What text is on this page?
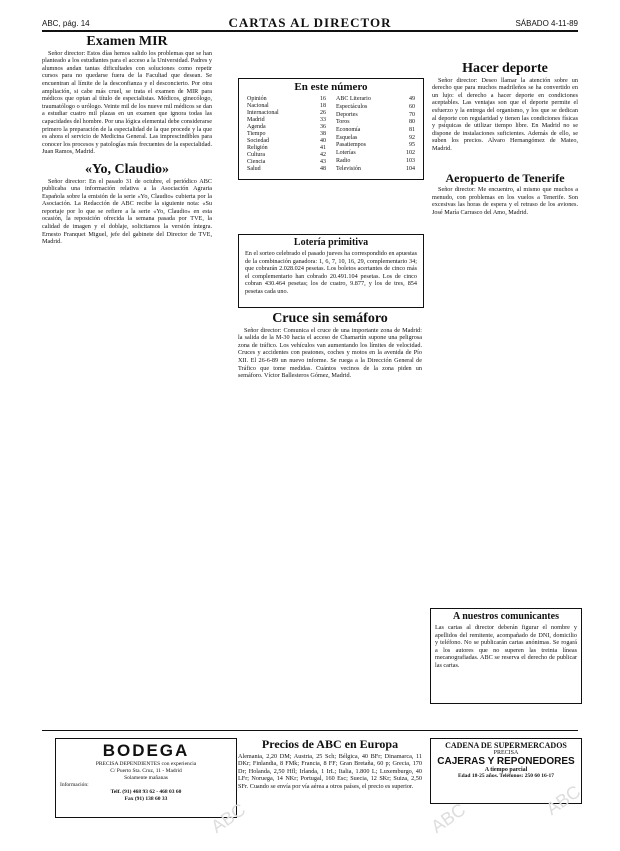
ABC, pág. 14	CARTAS AL DIRECTOR	SÁBADO 4-11-89
Examen MIR

Señor director: Estos días hemos salido los problemas que se han planteado a los estudiantes para el acceso a la Universidad. Padres y alumnos andan tantas dificultades con soluciones como repetir cursos para no quedarse fuera de la Facultad que desean. Se encuentran al límite de la desconfianza y el desconcierto. Por otra ampliación, si cabe más cruel, se trata el examen de MIR para médicos que optan al título de especialistas. Médicos, ginecólogo, traumatólogo o urólogo. Veinte mil de los nueve mil médicos se dan a estudiar cuatro mil plazas en un examen que ignora todas las capacidades del hombre. Por una lógica elemental debe considerarse primero la preparación de la especialidad de la que procede y la que es ahora el servicio de Medicina General. Las imprescindibles para conocer los procesos y patologías más frecuentes de la especialidad. Juan Ramos, Madrid.

«Yo, Claudio»

Señor director: En el pasado 31 de octubre, el periódico ABC publicaba una información relativa a la Asociación Agraria Española sobre la emisión de la serie «Yo, Claudio» cubierta por la Asociación. La Redacción de ABC recibe la siguiente nota: «Su reportaje por lo que se refiere a la serie «Yo, Claudio» en esta ocasión, la reposición ofrecida la semana pasada por TVE, la calidad de imagen y el doblaje, solicitamos la versión íntegra. Ernesto Franquet Miguel, jefe del gabinete del Director de TVE, Madrid.

En este número
Opinión	16
Nacional	18
Internacional	26
Madrid	33
Agenda	36
Tiempo	38
Sociedad	40
Religión	41
Cultura	42
Ciencia	43
Salud	48
ABC Literario	49
Espectáculos	60
Deportes	70
Toros	80
Economía	81
Esquelas	92
Pasatiempos	95
Loterías	102
Radio	103
Televisión	104
Lotería primitiva
En el sorteo celebrado el pasado jueves ha correspondido en apuestas de la combinación ganadora: 1, 6, 7, 10, 16, 29, complementario 34; que cobrarán 2.028.024 pesetas. Los boletos acertantes de cinco más el complementario han cobrado 20.491.104 pesetas. Los de cinco cobran 430.464 pesetas; los de cuatro, 9.877, y los de tres, 854 pesetas cada uno.
Cruce sin semáforo

Señor director: Comunica el cruce de una importante zona de Madrid: la salida de la M-30 hacia el acceso de Chamartín supone una peligrosa zona de tráfico. Los vehículos van aumentando los límites de velocidad. Cruces y accidentes con peatones, coches y motos en la avenida de Pío XII. El 26-6-89 un nuevo informe. Se ruega a la Dirección General de Tráfico que tome medidas. Cuántos vecinos de la zona piden un semáforo. Víctor Ballesteros Gómez, Madrid.

Hacer deporte

Señor director: Deseo llamar la atención sobre un derecho que para muchos madrileños se ha convertido en un lujo: el derecho a hacer deporte en condiciones aceptables. Las ventajas son que el deporte permite el esfuerzo y la entrega del organismo, y los que se dedican al deporte con regularidad y tienen las condiciones físicas y psíquicas de utilizar tiempo libre. En Madrid no se dispone de instalaciones suficientes. Además de ello, se suben los precios. Alvaro Hernangómez de Mateo, Madrid.

Aeropuerto de Tenerife

Señor director: Me encuentro, al mismo que muchos a menudo, con problemas en los vuelos a Tenerife. Son excesivas las horas de espera y el retraso de los aviones. José María Carrasco del Amo, Madrid.

A nuestros comunicantes
Las cartas al director deberán figurar el nombre y apellidos del remitente, acompañado de DNI, domicilio y teléfono. No se publicarán cartas anónimas. Se rogará a los autores que no superen las treinta líneas mecanografiadas. ABC se reserva el derecho de publicar las cartas.
BODEGA
PRECISA DEPENDIENTES con experiencia
C/ Puerto Sta. Cruz, 11 - Madrid
Solamente mañanas
Información:
Telf. (91) 468 93 62 - 468 03 60
Fax (91) 138 60 33
Precios de ABC en Europa
Alemania, 2,20 DM; Austria, 25 Sch; Bélgica, 40 BFr; Dinamarca, 11 DKr; Finlandia, 8 FMk; Francia, 8 FF; Gran Bretaña, 60 p; Grecia, 170 Dr; Holanda, 2,50 Hfl; Irlanda, 1 IrL; Italia, 1.800 L; Luxemburgo, 40 LFr; Noruega, 14 NKr; Portugal, 160 Esc; Suecia, 12 SKr; Suiza, 2,50 SFr. Cuando se envía por vía aérea a otros países, el precio es superior.
CADENA DE SUPERMERCADOS
PRECISA
CAJERAS Y REPONEDORES
A tiempo parcial
Edad 18-25 años. Teléfonos: 250 60 16-17
ABC	ABC	ABC
